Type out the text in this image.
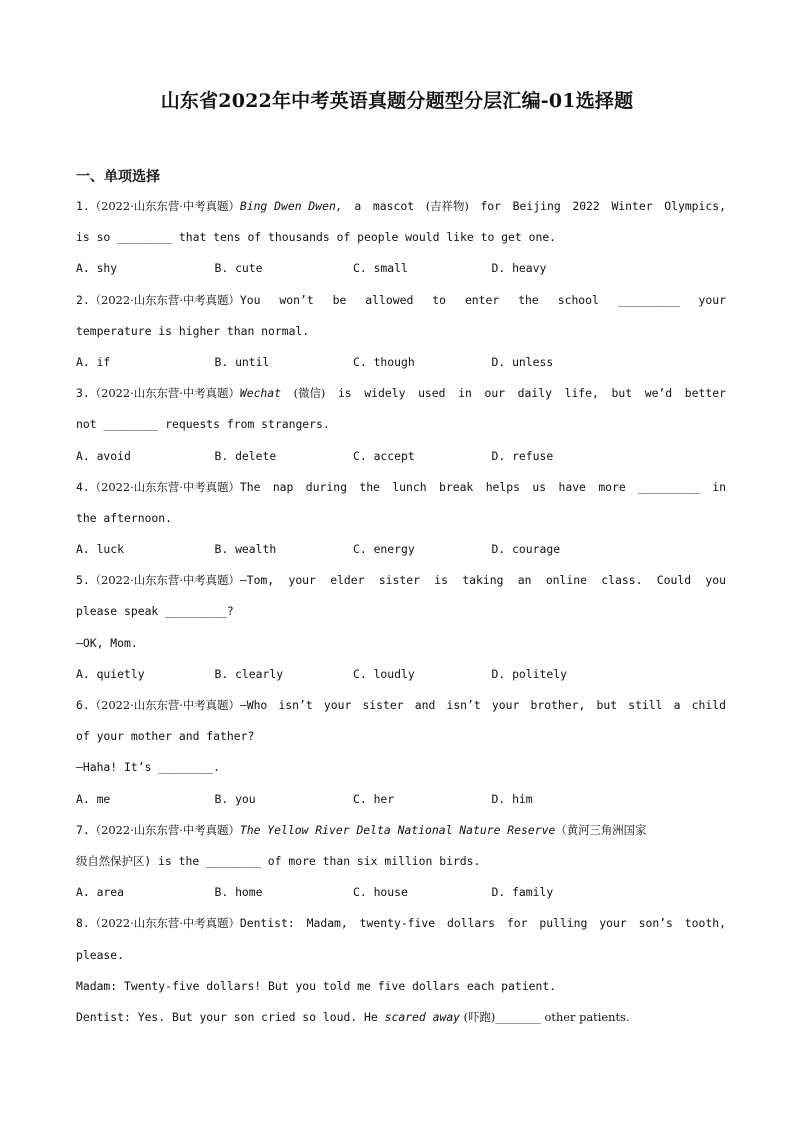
山东省2022年中考英语真题分题型分层汇编-01选择题
一、单项选择
1.（2022·山东东营·中考真题）Bing Dwen Dwen, a mascot (吉祥物) for Beijing 2022 Winter Olympics,
is so ________ that tens of thousands of people would like to get one.
A. shy	B. cute	C. small	D. heavy
2.（2022·山东东营·中考真题）You won’t be allowed to enter the school _________ your
temperature is higher than normal.
A. if	B. until	C. though	D. unless
3.（2022·山东东营·中考真题）Wechat (微信) is widely used in our daily life, but we’d better
not ________ requests from strangers.
A. avoid	B. delete	C. accept	D. refuse
4.（2022·山东东营·中考真题）The nap during the lunch break helps us have more _________ in
the afternoon.
A. luck	B. wealth	C. energy	D. courage
5.（2022·山东东营·中考真题）—Tom, your elder sister is taking an online class. Could you
please speak _________?
—OK, Mom.
A. quietly	B. clearly	C. loudly	D. politely
6.（2022·山东东营·中考真题）—Who isn’t your sister and isn’t your brother, but still a child
of your mother and father?
—Haha! It’s ________.
A. me	B. you	C. her	D. him
7.（2022·山东东营·中考真题）The Yellow River Delta National Nature Reserve（黄河三角洲国家
级自然保护区) is the ________ of more than six million birds.
A. area	B. home	C. house	D. family
8.（2022·山东东营·中考真题）Dentist: Madam, twenty-five dollars for pulling your son’s tooth,
please.
Madam: Twenty-five dollars! But you told me five dollars each patient.
Dentist: Yes. But your son cried so loud. He scared away (吓跑)________ other patients.
